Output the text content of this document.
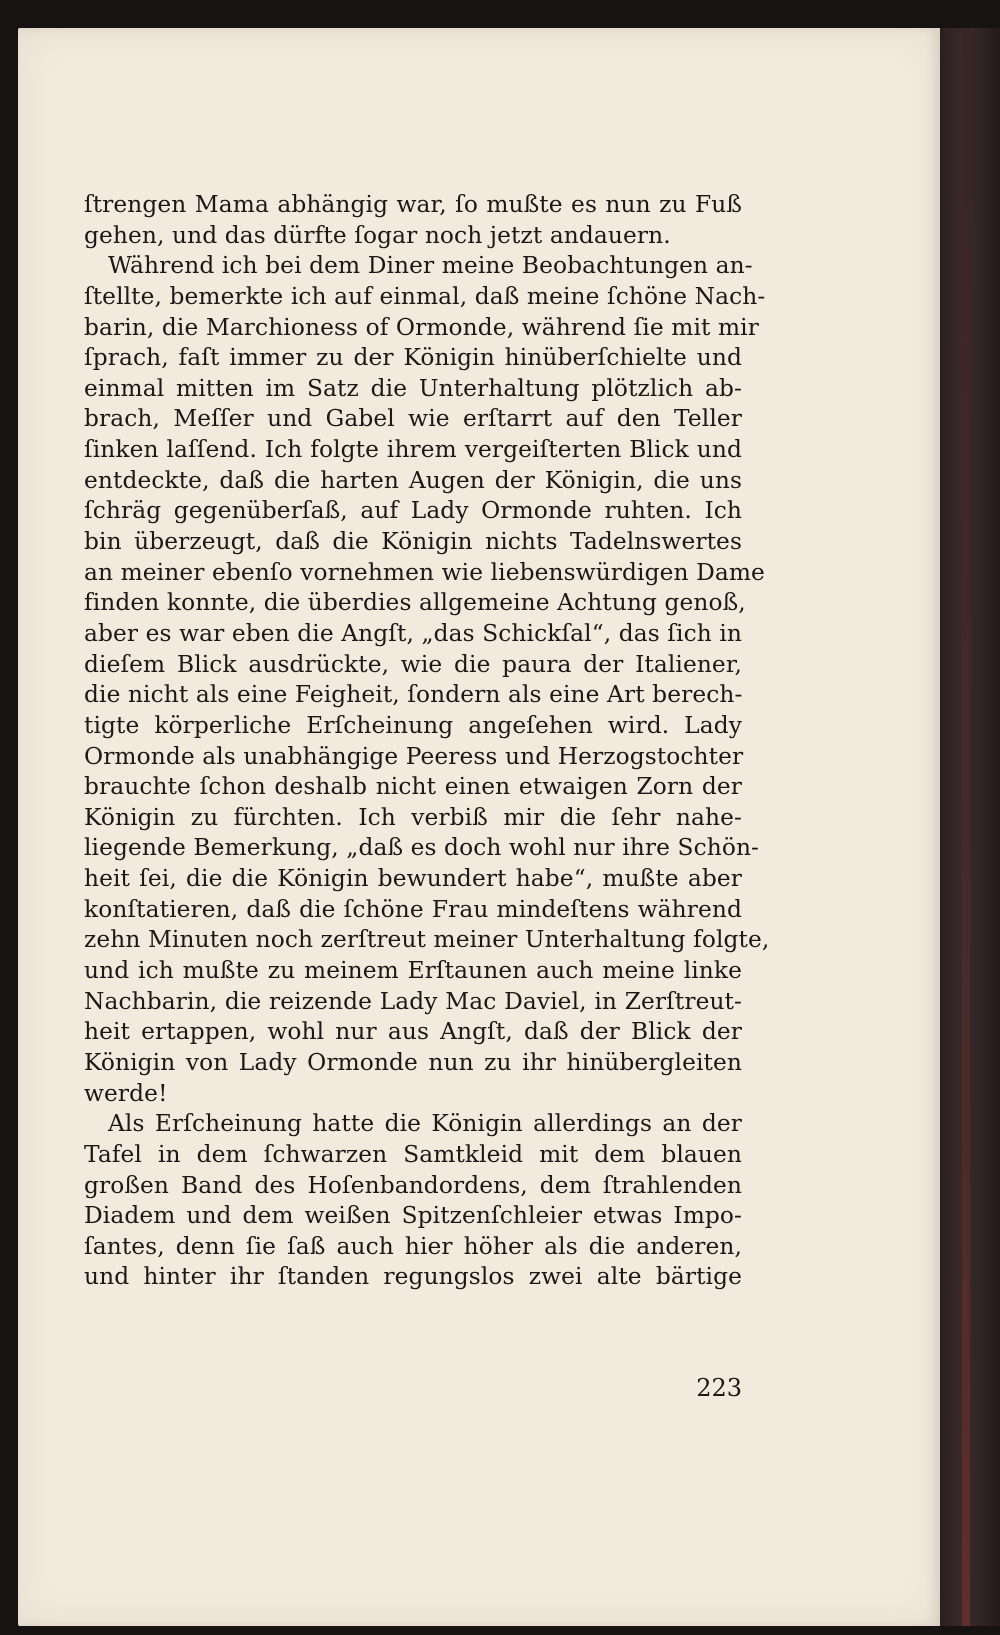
ſtrengen Mama abhängig war, ſo mußte es nun zu Fuß
gehen, und das dürfte ſogar noch jetzt andauern.
Während ich bei dem Diner meine Beobachtungen an-
ſtellte, bemerkte ich auf einmal, daß meine ſchöne Nach-
barin, die Marchioness of Ormonde, während ſie mit mir
ſprach, faſt immer zu der Königin hinüberſchielte und
einmal mitten im Satz die Unterhaltung plötzlich ab-
brach, Meſſer und Gabel wie erſtarrt auf den Teller
ſinken laſſend. Ich folgte ihrem vergeiſterten Blick und
entdeckte, daß die harten Augen der Königin, die uns
ſchräg gegenüberſaß, auf Lady Ormonde ruhten. Ich
bin überzeugt, daß die Königin nichts Tadelnswertes
an meiner ebenſo vornehmen wie liebenswürdigen Dame
finden konnte, die überdies allgemeine Achtung genoß,
aber es war eben die Angſt, „das Schickſal“, das ſich in
dieſem Blick ausdrückte, wie die paura der Italiener,
die nicht als eine Feigheit, ſondern als eine Art berech-
tigte körperliche Erſcheinung angeſehen wird. Lady
Ormonde als unabhängige Peeress und Herzogstochter
brauchte ſchon deshalb nicht einen etwaigen Zorn der
Königin zu fürchten. Ich verbiß mir die ſehr nahe-
liegende Bemerkung, „daß es doch wohl nur ihre Schön-
heit ſei, die die Königin bewundert habe“, mußte aber
konſtatieren, daß die ſchöne Frau mindeſtens während
zehn Minuten noch zerſtreut meiner Unterhaltung folgte,
und ich mußte zu meinem Erſtaunen auch meine linke
Nachbarin, die reizende Lady Mac Daviel, in Zerſtreut-
heit ertappen, wohl nur aus Angſt, daß der Blick der
Königin von Lady Ormonde nun zu ihr hinübergleiten
werde!
Als Erſcheinung hatte die Königin allerdings an der
Tafel in dem ſchwarzen Samtkleid mit dem blauen
großen Band des Hoſenbandordens, dem ſtrahlenden
Diadem und dem weißen Spitzenſchleier etwas Impo-
ſantes, denn ſie ſaß auch hier höher als die anderen,
und hinter ihr ſtanden regungslos zwei alte bärtige
223
